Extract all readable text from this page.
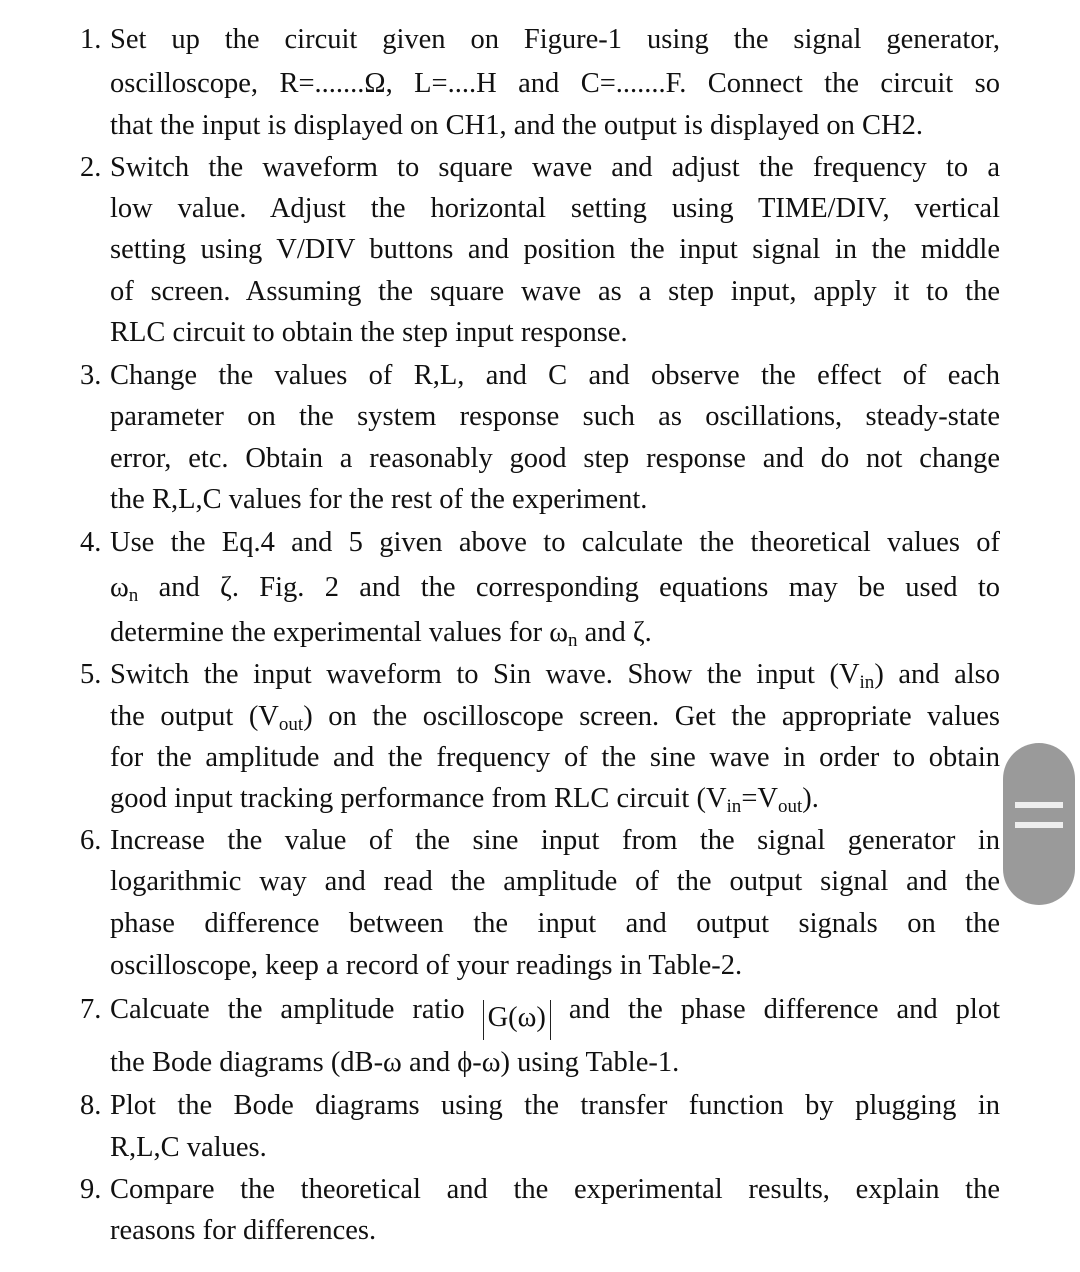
1. Set up the circuit given on Figure-1 using the signal generator,
oscilloscope, R=.......Ω, L=....H and C=.......F. Connect the circuit so
that the input is displayed on CH1, and the output is displayed on CH2.
2. Switch the waveform to square wave and adjust the frequency to a
low value. Adjust the horizontal setting using TIME/DIV, vertical
setting using V/DIV buttons and position the input signal in the middle
of screen. Assuming the square wave as a step input, apply it to the
RLC circuit to obtain the step input response.
3. Change the values of R,L, and C and observe the effect of each
parameter on the system response such as oscillations, steady-state
error, etc. Obtain a reasonably good step response and do not change
the R,L,C values for the rest of the experiment.
4. Use the Eq.4 and 5 given above to calculate the theoretical values of
$\omega_n$ and ζ. Fig. 2 and the corresponding equations may be used to
determine the experimental values for $\omega_n$ and ζ.
5. Switch the input waveform to Sin wave. Show the input $(V_{in})$ and also
the output $(V_{out})$ on the oscilloscope screen. Get the appropriate values
for the amplitude and the frequency of the sine wave in order to obtain
good input tracking performance from RLC circuit $(V_{in}=V_{out})$.
6. Increase the value of the sine input from the signal generator in
logarithmic way and read the amplitude of the output signal and the
phase difference between the input and output signals on the
oscilloscope, keep a record of your readings in Table-2.
7. Calcuate the amplitude ratio G(ω) and the phase difference and plot
the Bode diagrams (dB-ω and ϕ-ω) using Table-1.
8. Plot the Bode diagrams using the transfer function by plugging in
R,L,C values.
9. Compare the theoretical and the experimental results, explain the
reasons for differences.
